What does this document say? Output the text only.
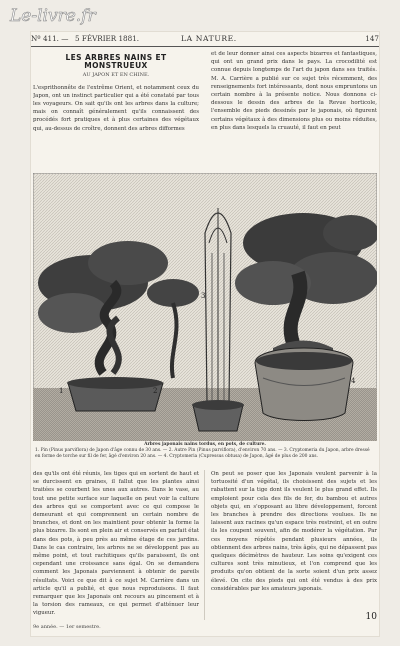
Le-livre.fr
Nº 411. — 5 FÉVRIER 1881.	LA NATURE.	147
LES ARBRES NAINS ET MONSTRUEUX
AU JAPON ET EN CHINE.

L'esprithonnête de l'extrême Orient, et notamment ceux du Japon, ont un instinct particulier qui a été constaté par tous les voyageurs. On sait qu'ils ont les arbres dans la culture; mais on connaît généralement qu'ils connaissent des procédés fort pratiques et à plus certaines des végétaux qui, au-dessus de croître, donnent des arbres difformes

et de leur donner ainsi ces aspects bizarres et fantastiques, qui ont un grand prix dans le pays. La crocodilité est connue depuis longtemps de l'art du japon dans ses traités. M. A. Carrière a publié sur ce sujet très récemment, des renseignements fort intéressants, dont nous empruntons un certain nombre à la présente notice. Nous donnons ci-dessous le dessin des arbres de la Revue horticole, l'ensemble des pieds dessinés par le japonais, où figurent certains végétaux à des dimensions plus ou moins réduites, en plus dans lesquels la cruauté, il faut en peut

1	2
3
4
Arbres japonais nains tordus, en pots, de culture.
1. Pin (Pinus parviflora) de Japon d'âge connu de 30 ans. — 2. Autre Pin (Pinus parviflora), d'environ 70 ans. — 3. Cryptomeria du Japon, arbre dressé
en forme de torche sur fil de fer, âgé d'environ 20 ans. — 4. Cryptomeria (Cupressus obtusa) de Japon, âgé de plus de 200 ans.

des qu'ils ont été réunis, les tiges qui en sortent de haut et se durcissent en graines, il fallut que les plantes ainsi traitées se courbent les unes aux autres. Dans le vase, au tout une petite surface sur laquelle on peut voir la culture des arbres qui se comportent avec ce qui compose le demeurant et qui comprennent un certain nombre de branches, et dont on les maintient pour obtenir la forme la plus bizarre. Ils sont en plein air et conservés en parfait état dans des pots, à peu près au même étage de ces jardins. Dans le cas contraire, les arbres ne se développent pas au même point, et tout rachitiques qu'ils paraissent, ils ont cependant une croissance sans égal. On se demandera comment les Japonais parviennent à obtenir de pareils résultats. Voici ce que dit à ce sujet M. Carrière dans un article qu'il a publié, et que nous reproduisons. Il faut remarquer que les Japonais ont recours au pincement et à la torsion des rameaux, ce qui permet d'atténuer leur vigueur.

On peut se poser que les Japonais veulent parvenir à la tortuosité d'un végétal, ils choisissent des sujets et les rabattent sur la tige dont ils veulent le plus grand effet. Ils emploient pour cela des fils de fer, du bambou et autres objets qui, en s'opposant au libre développement, forcent les branches à prendre des directions voulues. Ils ne laissent aux racines qu'un espace très restreint, et en outre ils les coupent souvent, afin de modérer la végétation. Par ces moyens répétés pendant plusieurs années, ils obtiennent des arbres nains, très âgés, qui ne dépassent pas quelques décimètres de hauteur. Les soins qu'exigent ces cultures sont très minutieux, et l'on comprend que les produits qu'on obtient de la sorte soient d'un prix assez élevé. On cite des pieds qui ont été vendus à des prix considérables par les amateurs japonais.

9e année. — 1er semestre.
10
